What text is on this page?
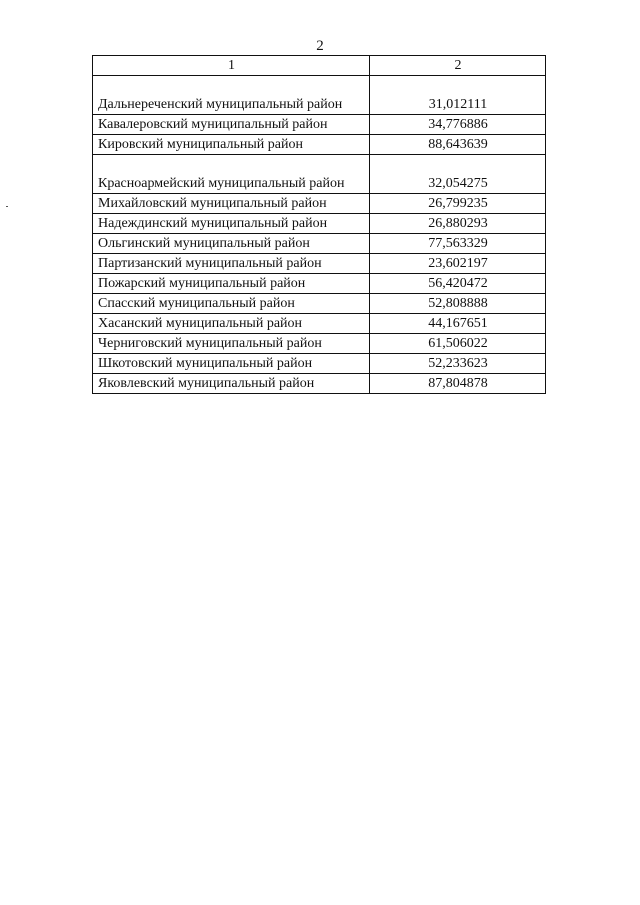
2
1	2
Дальнереченский муниципальный район	31,012111
Кавалеровский муниципальный район	34,776886
Кировский муниципальный район	88,643639
Красноармейский муниципальный район	32,054275
Михайловский муниципальный район	26,799235
Надеждинский муниципальный район	26,880293
Ольгинский муниципальный район	77,563329
Партизанский муниципальный район	23,602197
Пожарский муниципальный район	56,420472
Спасский муниципальный район	52,808888
Хасанский муниципальный район	44,167651
Черниговский муниципальный район	61,506022
Шкотовский муниципальный район	52,233623
Яковлевский муниципальный район	87,804878
